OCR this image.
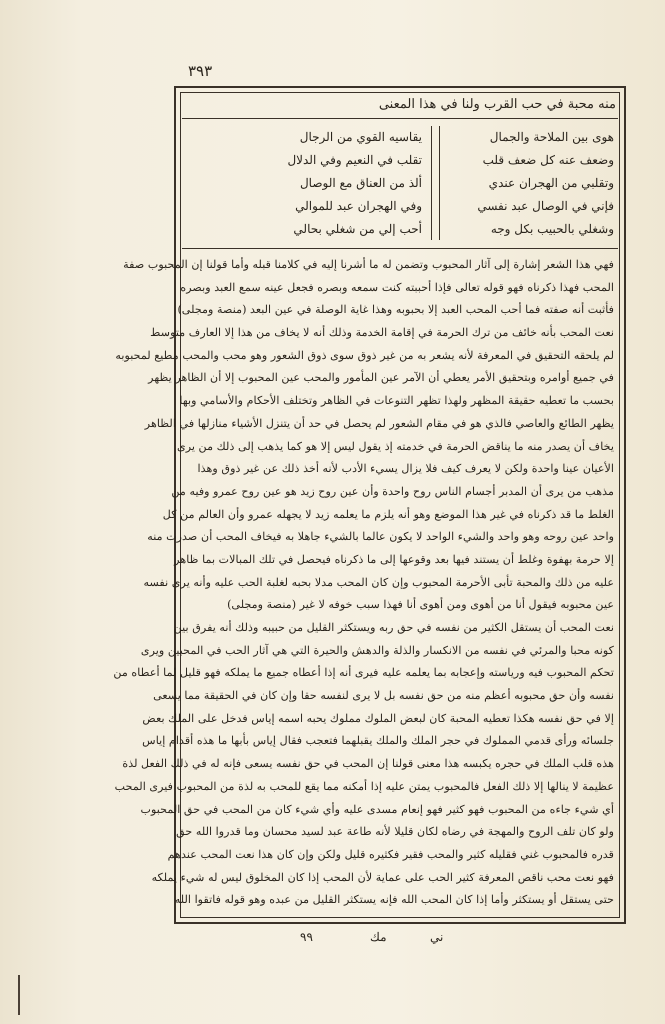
٣٩٣
منه محبة في حب القرب ولنا في هذا المعنى
هوى بين الملاحة والجمال
وضعف عنه كل ضعف قلب
وتقلبي من الهجران عندي
فإني في الوصال عبد نفسي
وشغلي بالحبيب بكل وجه
يقاسيه القوي من الرجال
تقلب في النعيم وفي الدلال
ألذ من العناق مع الوصال
وفي الهجران عبد للموالي
أحب إلي من شغلي بحالي
فهي هذا الشعر إشارة إلى آثار المحبوب وتضمن له ما أشرنا إليه في كلامنا قبله وأما قولنا إن المحبوب صفة
المحب فهذا ذكرناه فهو قوله تعالى فإذا أحببته كنت سمعه وبصره فجعل عينه سمع العبد وبصره
فأثبت أنه صفته فما أحب المحب العبد إلا بحبوبه وهذا غاية الوصلة في عين البعد (منصة ومجلى)
نعت المحب بأنه خائف من ترك الحرمة في إقامة الخدمة وذلك أنه لا يخاف من هذا إلا العارف متوسط
لم يلحقه التحقيق في المعرفة لأنه يشعر به من غير ذوق سوى ذوق الشعور وهو محب والمحب مطيع لمحبوبه
في جميع أوامره وبتحقيق الأمر يعطي أن الآمر عين المأمور والمحب عين المحبوب إلا أن الظاهر يظهر
بحسب ما تعطيه حقيقة المظهر ولهذا تظهر التنوعات في الظاهر وتختلف الأحكام والأسامي وبها
يظهر الطائع والعاصي فالذي هو في مقام الشعور لم يحصل في حد أن يتنزل الأشياء منازلها في الظاهر
يخاف أن يصدر منه ما يناقض الحرمة في خدمته إذ يقول ليس إلا هو كما يذهب إلى ذلك من يرى
الأعيان عينا واحدة ولكن لا يعرف كيف فلا يزال يسيء الأدب لأنه أخذ ذلك عن غير ذوق وهذا
مذهب من يرى أن المدبر أجسام الناس روح واحدة وأن عين روح زيد هو عين روح عمرو وفيه من
الغلط ما قد ذكرناه في غير هذا الموضع وهو أنه يلزم ما يعلمه زيد لا يجهله عمرو وأن العالم من كل
واحد عين روحه وهو واحد والشيء الواحد لا يكون عالما بالشيء جاهلا به فيخاف المحب أن صدرت منه
إلا حرمة بهفوة وغلط أن يستند فيها بعد وقوعها إلى ما ذكرناه فيحصل في تلك المبالات بما ظاهر
عليه من ذلك والمحبة تأبى الأحرمة المحبوب وإن كان المحب مدلا بحبه لغلبة الحب عليه وأنه يرى نفسه
عين محبوبه فيقول أنا من أهوى ومن أهوى أنا فهذا سبب خوفه لا غير (منصة ومجلى)
نعت المحب أن يستقل الكثير من نفسه في حق ربه ويستكثر القليل من حبيبه وذلك أنه يفرق بين
كونه محبا والمرئي في نفسه من الانكسار والذلة والدهش والحيرة التي هي آثار الحب في المحبين ويرى
تحكم المحبوب فيه ورياسته وإعجابه بما يعلمه عليه فيرى أنه إذا أعطاه جميع ما يملكه فهو قليل لما أعطاه من
نفسه وأن حق محبوبه أعظم منه من حق نفسه بل لا يرى لنفسه حقا وإن كان في الحقيقة مما يسعى
إلا في حق نفسه هكذا تعطيه المحبة كان لبعض الملوك مملوك يحبه اسمه إياس فدخل على الملك بعض
جلسائه ورأى قدمي المملوك في حجر الملك والملك يقبلهما فتعجب فقال إياس بأبها ما هذه أقدام إياس
هذه قلب الملك في حجره يكبسه هذا معنى قولنا إن المحب في حق نفسه يسعى فإنه له في ذلك الفعل لذة
عظيمة لا ينالها إلا ذلك الفعل فالمحبوب يمتن عليه إذا أمكنه مما يقع للمحب به لذة من المحبوب فيرى المحب
أي شيء جاءه من المحبوب فهو كثير فهو إنعام مسدى عليه وأي شيء كان من المحب في حق المحبوب
ولو كان تلف الروح والمهجة في رضاه لكان قليلا لأنه طاعة عبد لسيد محسان وما قدروا الله حق
قدره فالمحبوب غني فقليله كثير والمحب فقير فكثيره قليل ولكن وإن كان هذا نعت المحب عندهم
فهو نعت محب ناقص المعرفة كثير الحب على عماية لأن المحب إذا كان المخلوق ليس له شيء يملكه
حتى يستقل أو يستكثر وأما إذا كان المحب الله فإنه يستكثر القليل من عبده وهو قوله فاتقوا الله
٩٩	مك	ني
